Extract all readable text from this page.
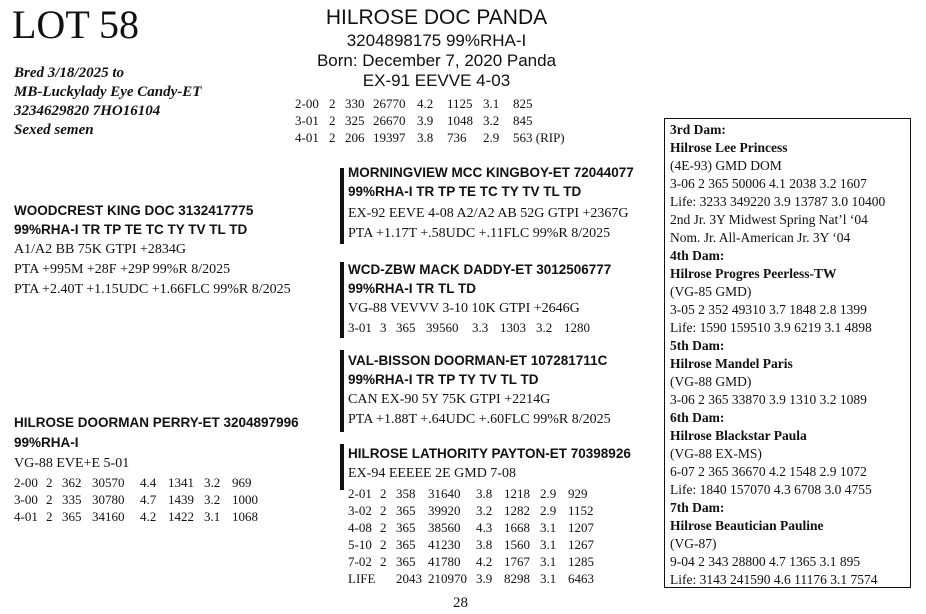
LOT 58	HILROSE DOC PANDA
3204898175 99%RHA-I
Born: December 7, 2020 Panda
EX-91 EEVVE 4-03
2-00	2	330	26770	4.2	1125	3.1	825
3-01	2	325	26670	3.9	1048	3.2	845
4-01	2	206	19397	3.8	736	2.9	563 (RIP)
Bred 3/18/2025 to
MB-Luckylady Eye Candy-ET
3234629820 7HO16104
Sexed semen
WOODCREST KING DOC 3132417775
99%RHA-I TR TP TE TC TY TV TL TD
A1/A2 BB 75K GTPI +2834G
PTA +995M +28F +29P 99%R 8/2025
PTA +2.40T +1.15UDC +1.66FLC 99%R 8/2025
MORNINGVIEW MCC KINGBOY-ET 72044077
99%RHA-I TR TP TE TC TY TV TL TD
EX-92 EEVE 4-08 A2/A2 AB 52G GTPI +2367G
PTA +1.17T +.58UDC +.11FLC 99%R 8/2025
WCD-ZBW MACK DADDY-ET 3012506777
99%RHA-I TR TL TD
VG-88 VEVVV 3-10 10K GTPI +2646G
3-01	3	365	39560	3.3	1303	3.2	1280
VAL-BISSON DOORMAN-ET 107281711C
99%RHA-I TR TP TY TV TL TD
CAN EX-90 5Y 75K GTPI +2214G
PTA +1.88T +.64UDC +.60FLC 99%R 8/2025
HILROSE LATHORITY PAYTON-ET 70398926
EX-94 EEEEE 2E GMD 7-08
2-01	2	358	31640	3.8	1218	2.9	929
3-02	2	365	39920	3.2	1282	2.9	1152
4-08	2	365	38560	4.3	1668	3.1	1207
5-10	2	365	41230	3.8	1560	3.1	1267
7-02	2	365	41780	4.2	1767	3.1	1285
LIFE		2043	210970	3.9	8298	3.1	6463
HILROSE DOORMAN PERRY-ET 3204897996
99%RHA-I
VG-88 EVE+E 5-01
2-00	2	362	30570	4.4	1341	3.2	969
3-00	2	335	30780	4.7	1439	3.2	1000
4-01	2	365	34160	4.2	1422	3.1	1068
3rd Dam:
Hilrose Lee Princess
(4E-93) GMD DOM
3-06 2 365 50006 4.1 2038 3.2 1607
Life: 3233 349220 3.9 13787 3.0 10400
2nd Jr. 3Y Midwest Spring Nat’l ‘04
Nom. Jr. All-American Jr. 3Y ‘04
4th Dam:
Hilrose Progres Peerless-TW
(VG-85 GMD)
3-05 2 352 49310 3.7 1848 2.8 1399
Life: 1590 159510 3.9 6219 3.1 4898
5th Dam:
Hilrose Mandel Paris
(VG-88 GMD)
3-06 2 365 33870 3.9 1310 3.2 1089
6th Dam:
Hilrose Blackstar Paula
(VG-88 EX-MS)
6-07 2 365 36670 4.2 1548 2.9 1072
Life: 1840 157070 4.3 6708 3.0 4755
7th Dam:
Hilrose Beautician Pauline
(VG-87)
9-04 2 343 28800 4.7 1365 3.1 895
Life: 3143 241590 4.6 11176 3.1 7574
28
